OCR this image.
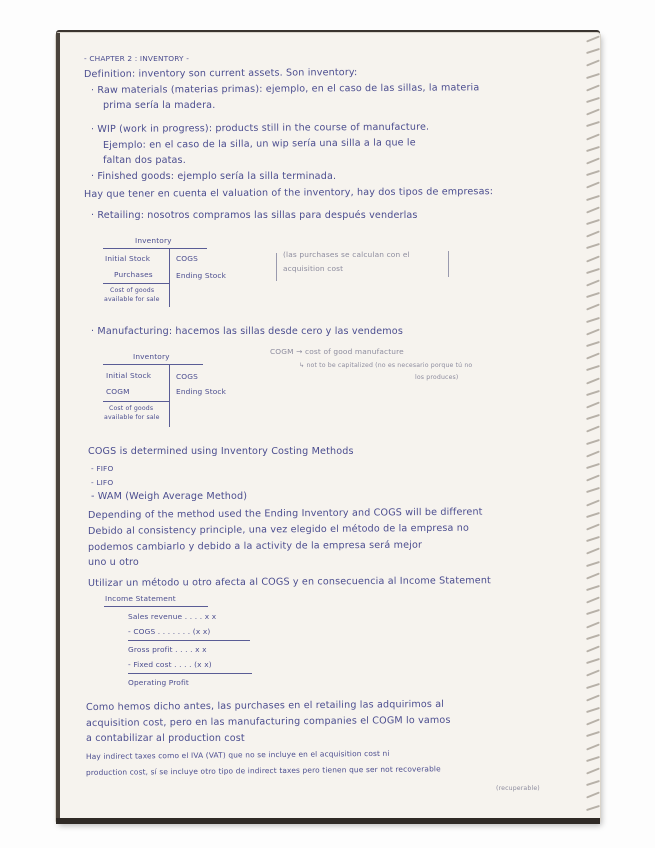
- CHAPTER 2 : INVENTORY -
Definition: inventory son current assets. Son inventory:
· Raw materials (materias primas): ejemplo, en el caso de las sillas, la materia
prima sería la madera.
· WIP (work in progress): products still in the course of manufacture.
Ejemplo: en el caso de la silla, un wip sería una silla a la que le
faltan dos patas.
· Finished goods: ejemplo sería la silla terminada.
Hay que tener en cuenta el valuation of the inventory, hay dos tipos de empresas:
· Retailing: nosotros compramos las sillas para después venderlas
Inventory
Initial Stock	COGS
Purchases	Ending Stock
Cost of goods
available for sale
(las purchases se calculan con el
acquisition cost
· Manufacturing: hacemos las sillas desde cero y las vendemos
COGM → cost of good manufacture
↳ not to be capitalized (no es necesario porque tú no
los produces)
Inventory
Initial Stock	COGS
COGM	Ending Stock
Cost of goods
available for sale
COGS is determined using Inventory Costing Methods
- FIFO
- LIFO
- WAM (Weigh Average Method)
Depending of the method used the Ending Inventory and COGS will be different
Debido al consistency principle, una vez elegido el método de la empresa no
podemos cambiarlo y debido a la activity de la empresa será mejor
uno u otro
Utilizar un método u otro afecta al COGS y en consecuencia al Income Statement
Income Statement
Sales revenue . . . . x x
- COGS . . . . . . . (x x)
Gross profit . . . . x x
- Fixed cost . . . . (x x)
Operating Profit
Como hemos dicho antes, las purchases en el retailing las adquirimos al
acquisition cost, pero en las manufacturing companies el COGM lo vamos
a contabilizar al production cost
Hay indirect taxes como el IVA (VAT) que no se incluye en el acquisition cost ni
production cost, sí se incluye otro tipo de indirect taxes pero tienen que ser not recoverable
(recuperable)
